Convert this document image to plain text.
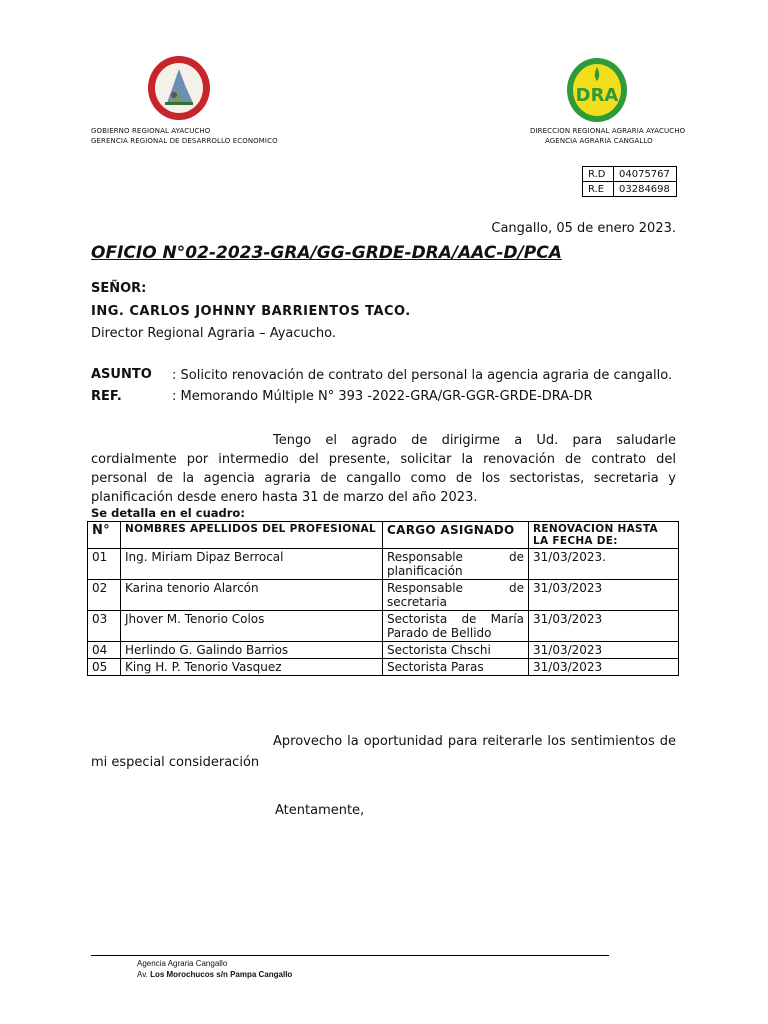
DRA
GOBIERNO REGIONAL AYACUCHO
GERENCIA REGIONAL DE DESARROLLO ECONOMICO
DIRECCION REGIONAL AGRARIA AYACUCHO
AGENCIA AGRARIA CANGALLO
R.D	04075767
R.E	03284698
Cangallo, 05 de enero 2023.
OFICIO N°02-2023-GRA/GG-GRDE-DRA/AAC-D/PCA
SEÑOR:
ING. CARLOS JOHNNY BARRIENTOS TACO.
Director Regional Agraria – Ayacucho.
ASUNTO : Solicito renovación de contrato del personal la agencia agraria de cangallo.
REF.	: Memorando Múltiple N° 393 -2022-GRA/GR-GGR-GRDE-DRA-DR
Tengo el agrado de dirigirme a Ud. para saludarle cordialmente por intermedio del presente, solicitar la renovación de contrato del personal de la agencia agraria de cangallo como de los sectoristas, secretaria y planificación desde enero hasta 31 de marzo del año 2023.
Se detalla en el cuadro:
N°	NOMBRES APELLIDOS DEL PROFESIONAL	CARGO ASIGNADO	RENOVACION HASTA LA FECHA DE:
01	Ing. Miriam Dipaz Berrocal	Responsable de planificación	31/03/2023.
02	Karina tenorio Alarcón	Responsable de secretaria	31/03/2023
03	Jhover M. Tenorio Colos	Sectorista de María Parado de Bellido	31/03/2023
04	Herlindo G. Galindo Barrios	Sectorista Chschi	31/03/2023
05	King H. P. Tenorio Vasquez	Sectorista Paras	31/03/2023
Aprovecho la oportunidad para reiterarle los sentimientos de mi especial consideración
Atentamente,
Agencia Agraria Cangallo
Av. Los Morochucos s/n Pampa Cangallo
